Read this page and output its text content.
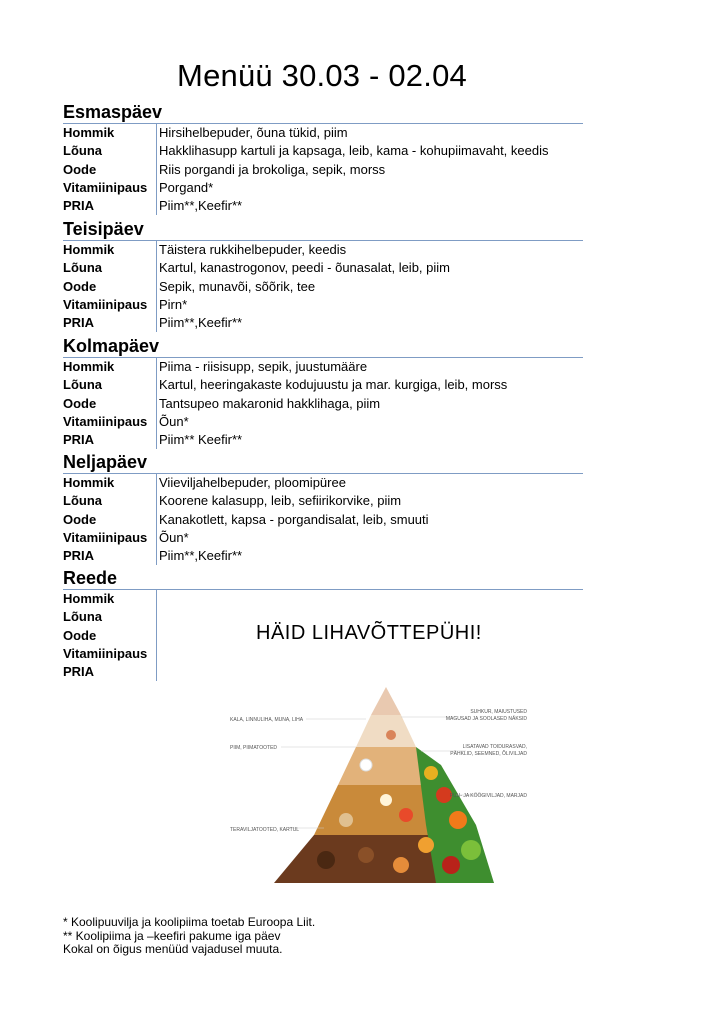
Menüü 30.03 - 02.04
Esmaspäev
Hommik	Hirsihelbepuder, õuna tükid, piim
Lõuna	Hakklihasupp kartuli ja kapsaga, leib, kama - kohupiimavaht, keedis
Oode	Riis porgandi ja brokoliga, sepik, morss
Vitamiinipaus Porgand*
PRIA	Piim**,Keefir**
Teisipäev
Hommik	Täistera rukkihelbepuder, keedis
Lõuna	Kartul, kanastrogonov, peedi - õunasalat, leib, piim
Oode	Sepik, munavõi, sõõrik, tee
Vitamiinipaus Pirn*
PRIA	Piim**,Keefir**
Kolmapäev
Hommik	Piima - riisisupp, sepik, juustumääre
Lõuna	Kartul, heeringakaste kodujuustu ja mar. kurgiga, leib, morss
Oode	Tantsupeo makaronid hakklihaga, piim
Vitamiinipaus Õun*
PRIA	Piim** Keefir**
Neljapäev
Hommik	Viieviljahelbepuder, ploomipüree
Lõuna	Koorene kalasupp, leib, sefiirikorvike, piim
Oode	Kanakotlett, kapsa - porgandisalat, leib, smuuti
Vitamiinipaus Õun*
PRIA	Piim**,Keefir**
Reede
Hommik
Lõuna
Oode
Vitamiinipaus
PRIA
HÄID LIHAVÕTTEPÜHI!
KALA, LINNULIHA, MUNA, LIHA
PIIM, PIIMATOOTED
TERAVILJATOOTED, KARTUL
SUHKUR, MAIUSTUSED
MAGUSAD JA SOOLASED NÄKSID
LISATAVAD TOIDURASVAD,
PÄHKLID, SEEMNED, ÕLIVILJAD
PUU- JA KÖÖGIVILJAD, MARJAD
* Koolipuuvilja ja koolipiima toetab Euroopa Liit.
** Koolipiima ja –keefiri pakume iga päev
Kokal on õigus menüüd vajadusel muuta.
